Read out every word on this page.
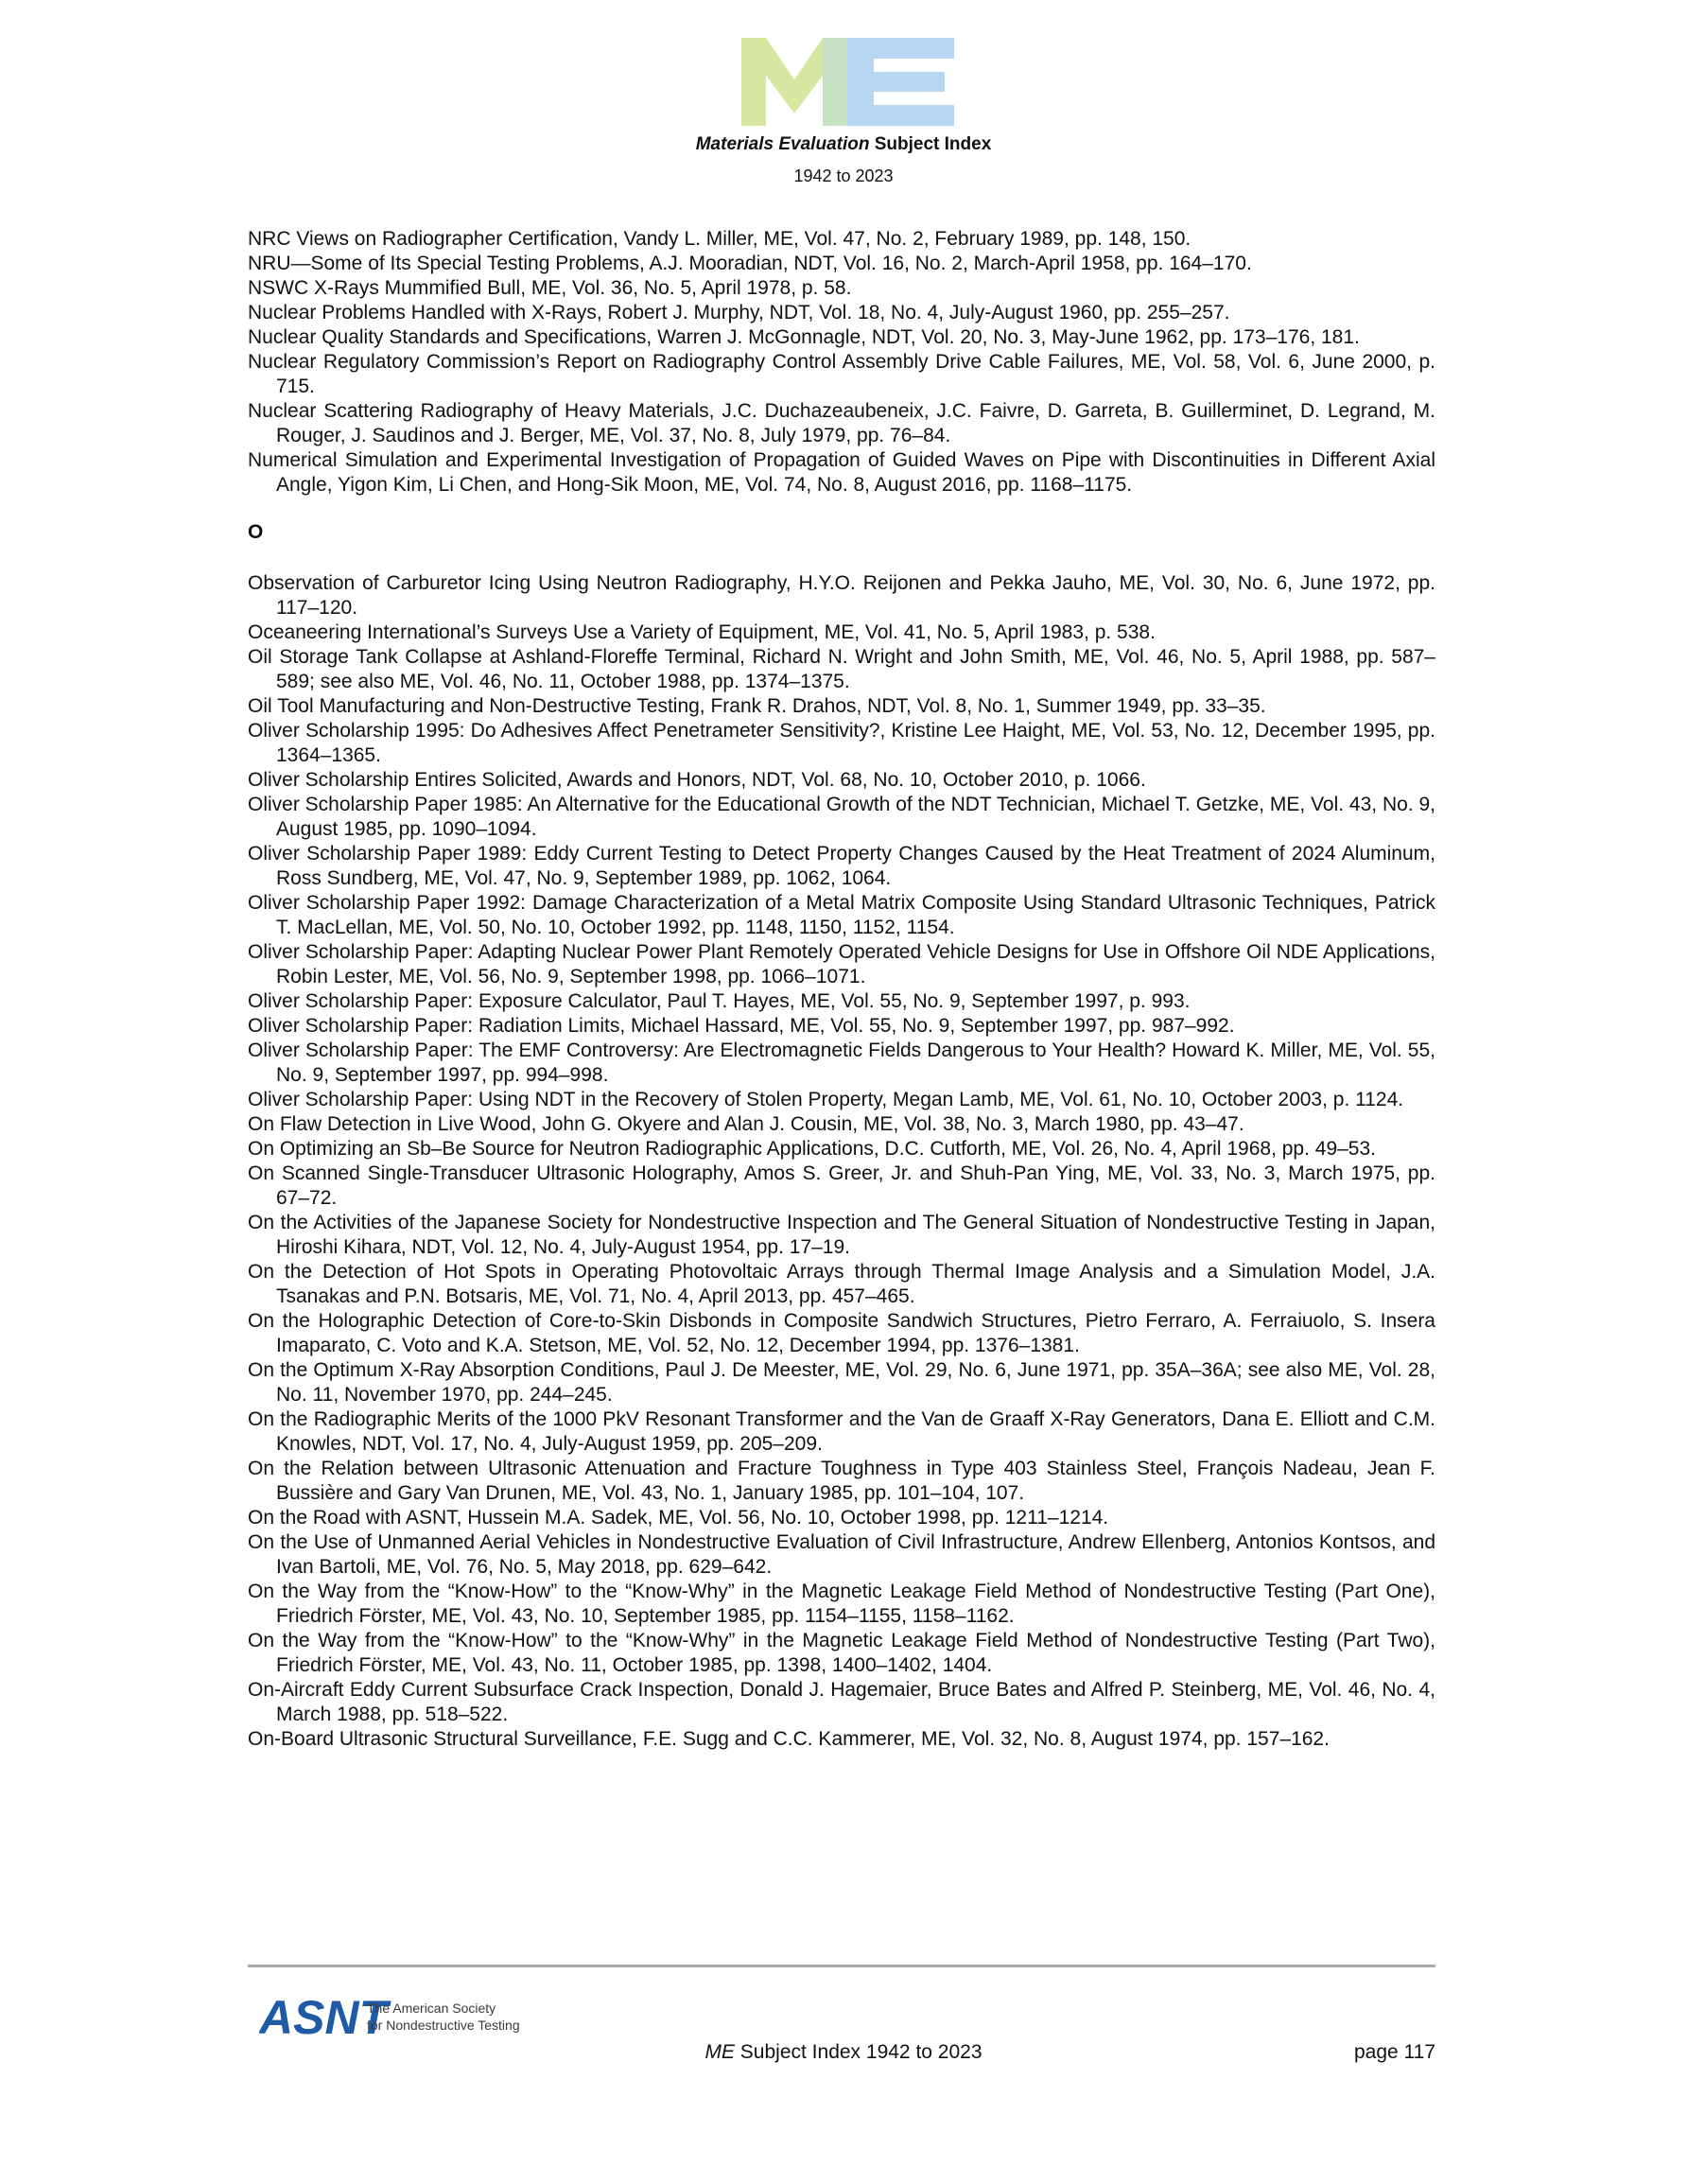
Materials Evaluation Subject Index
1942 to 2023

NRC Views on Radiographer Certification, Vandy L. Miller, ME, Vol. 47, No. 2, February 1989, pp. 148, 150.

NRU—Some of Its Special Testing Problems, A.J. Mooradian, NDT, Vol. 16, No. 2, March-April 1958, pp. 164–170.

NSWC X-Rays Mummified Bull, ME, Vol. 36, No. 5, April 1978, p. 58.

Nuclear Problems Handled with X-Rays, Robert J. Murphy, NDT, Vol. 18, No. 4, July-August 1960, pp. 255–257.

Nuclear Quality Standards and Specifications, Warren J. McGonnagle, NDT, Vol. 20, No. 3, May-June 1962, pp. 173–176, 181.

Nuclear Regulatory Commission’s Report on Radiography Control Assembly Drive Cable Failures, ME, Vol. 58, Vol. 6, June 2000, p. 715.

Nuclear Scattering Radiography of Heavy Materials, J.C. Duchazeaubeneix, J.C. Faivre, D. Garreta, B. Guillerminet, D. Legrand, M. Rouger, J. Saudinos and J. Berger, ME, Vol. 37, No. 8, July 1979, pp. 76–84.

Numerical Simulation and Experimental Investigation of Propagation of Guided Waves on Pipe with Discontinuities in Different Axial Angle, Yigon Kim, Li Chen, and Hong-Sik Moon, ME, Vol. 74, No. 8, August 2016, pp. 1168–1175.

O

Observation of Carburetor Icing Using Neutron Radiography, H.Y.O. Reijonen and Pekka Jauho, ME, Vol. 30, No. 6, June 1972, pp. 117–120.

Oceaneering International’s Surveys Use a Variety of Equipment, ME, Vol. 41, No. 5, April 1983, p. 538.

Oil Storage Tank Collapse at Ashland-Floreffe Terminal, Richard N. Wright and John Smith, ME, Vol. 46, No. 5, April 1988, pp. 587–589; see also ME, Vol. 46, No. 11, October 1988, pp. 1374–1375.

Oil Tool Manufacturing and Non-Destructive Testing, Frank R. Drahos, NDT, Vol. 8, No. 1, Summer 1949, pp. 33–35.

Oliver Scholarship 1995: Do Adhesives Affect Penetrameter Sensitivity?, Kristine Lee Haight, ME, Vol. 53, No. 12, December 1995, pp. 1364–1365.

Oliver Scholarship Entires Solicited, Awards and Honors, NDT, Vol. 68, No. 10, October 2010, p. 1066.

Oliver Scholarship Paper 1985: An Alternative for the Educational Growth of the NDT Technician, Michael T. Getzke, ME, Vol. 43, No. 9, August 1985, pp. 1090–1094.

Oliver Scholarship Paper 1989: Eddy Current Testing to Detect Property Changes Caused by the Heat Treatment of 2024 Aluminum, Ross Sundberg, ME, Vol. 47, No. 9, September 1989, pp. 1062, 1064.

Oliver Scholarship Paper 1992: Damage Characterization of a Metal Matrix Composite Using Standard Ultrasonic Techniques, Patrick T. MacLellan, ME, Vol. 50, No. 10, October 1992, pp. 1148, 1150, 1152, 1154.

Oliver Scholarship Paper: Adapting Nuclear Power Plant Remotely Operated Vehicle Designs for Use in Offshore Oil NDE Applications, Robin Lester, ME, Vol. 56, No. 9, September 1998, pp. 1066–1071.

Oliver Scholarship Paper: Exposure Calculator, Paul T. Hayes, ME, Vol. 55, No. 9, September 1997, p. 993.

Oliver Scholarship Paper: Radiation Limits, Michael Hassard, ME, Vol. 55, No. 9, September 1997, pp. 987–992.

Oliver Scholarship Paper: The EMF Controversy: Are Electromagnetic Fields Dangerous to Your Health? Howard K. Miller, ME, Vol. 55, No. 9, September 1997, pp. 994–998.

Oliver Scholarship Paper: Using NDT in the Recovery of Stolen Property, Megan Lamb, ME, Vol. 61, No. 10, October 2003, p. 1124.

On Flaw Detection in Live Wood, John G. Okyere and Alan J. Cousin, ME, Vol. 38, No. 3, March 1980, pp. 43–47.

On Optimizing an Sb–Be Source for Neutron Radiographic Applications, D.C. Cutforth, ME, Vol. 26, No. 4, April 1968, pp. 49–53.

On Scanned Single-Transducer Ultrasonic Holography, Amos S. Greer, Jr. and Shuh-Pan Ying, ME, Vol. 33, No. 3, March 1975, pp. 67–72.

On the Activities of the Japanese Society for Nondestructive Inspection and The General Situation of Nondestructive Testing in Japan, Hiroshi Kihara, NDT, Vol. 12, No. 4, July-August 1954, pp. 17–19.

On the Detection of Hot Spots in Operating Photovoltaic Arrays through Thermal Image Analysis and a Simulation Model, J.A. Tsanakas and P.N. Botsaris, ME, Vol. 71, No. 4, April 2013, pp. 457–465.

On the Holographic Detection of Core-to-Skin Disbonds in Composite Sandwich Structures, Pietro Ferraro, A. Ferraiuolo, S. Insera Imaparato, C. Voto and K.A. Stetson, ME, Vol. 52, No. 12, December 1994, pp. 1376–1381.

On the Optimum X-Ray Absorption Conditions, Paul J. De Meester, ME, Vol. 29, No. 6, June 1971, pp. 35A–36A; see also ME, Vol. 28, No. 11, November 1970, pp. 244–245.

On the Radiographic Merits of the 1000 PkV Resonant Transformer and the Van de Graaff X-Ray Generators, Dana E. Elliott and C.M. Knowles, NDT, Vol. 17, No. 4, July-August 1959, pp. 205–209.

On the Relation between Ultrasonic Attenuation and Fracture Toughness in Type 403 Stainless Steel, François Nadeau, Jean F. Bussière and Gary Van Drunen, ME, Vol. 43, No. 1, January 1985, pp. 101–104, 107.

On the Road with ASNT, Hussein M.A. Sadek, ME, Vol. 56, No. 10, October 1998, pp. 1211–1214.

On the Use of Unmanned Aerial Vehicles in Nondestructive Evaluation of Civil Infrastructure, Andrew Ellenberg, Antonios Kontsos, and Ivan Bartoli, ME, Vol. 76, No. 5, May 2018, pp. 629–642.

On the Way from the “Know-How” to the “Know-Why” in the Magnetic Leakage Field Method of Nondestructive Testing (Part One), Friedrich Förster, ME, Vol. 43, No. 10, September 1985, pp. 1154–1155, 1158–1162.

On the Way from the “Know-How” to the “Know-Why” in the Magnetic Leakage Field Method of Nondestructive Testing (Part Two), Friedrich Förster, ME, Vol. 43, No. 11, October 1985, pp. 1398, 1400–1402, 1404.

On-Aircraft Eddy Current Subsurface Crack Inspection, Donald J. Hagemaier, Bruce Bates and Alfred P. Steinberg, ME, Vol. 46, No. 4, March 1988, pp. 518–522.

On-Board Ultrasonic Structural Surveillance, F.E. Sugg and C.C. Kammerer, ME, Vol. 32, No. 8, August 1974, pp. 157–162.

ASNT
The American Society
for Nondestructive Testing
ME Subject Index 1942 to 2023	page 117
